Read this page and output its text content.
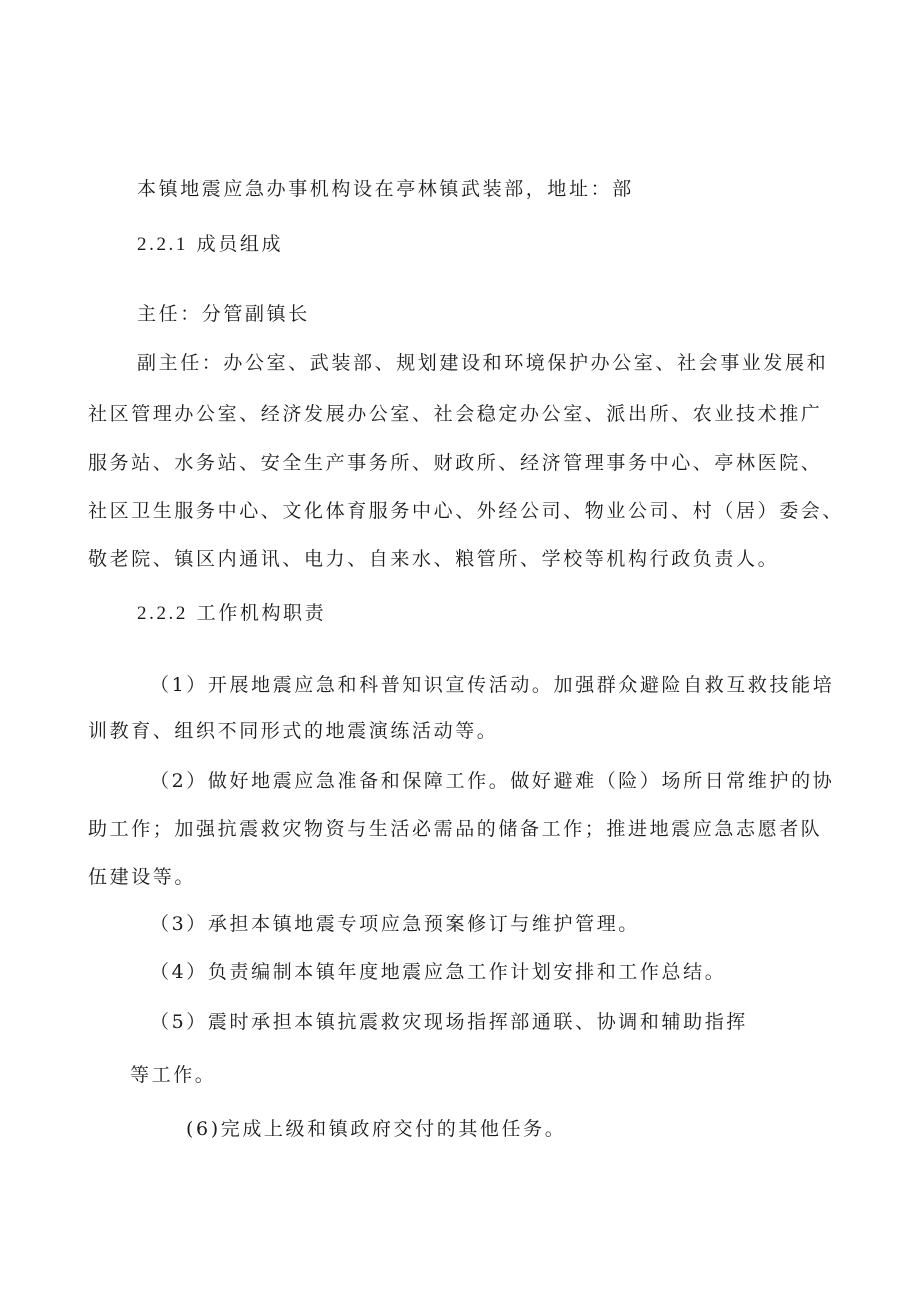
本镇地震应急办事机构设在亭林镇武装部，地址：部

2.2.1 成员组成

主任：分管副镇长

副主任：办公室、武装部、规划建设和环境保护办公室、社会事业发展和

社区管理办公室、经济发展办公室、社会稳定办公室、派出所、农业技术推广

服务站、水务站、安全生产事务所、财政所、经济管理事务中心、亭林医院、

社区卫生服务中心、文化体育服务中心、外经公司、物业公司、村（居）委会、

敬老院、镇区内通讯、电力、自来水、粮管所、学校等机构行政负责人。

2.2.2 工作机构职责

（1）开展地震应急和科普知识宣传活动。加强群众避险自救互救技能培

训教育、组织不同形式的地震演练活动等。

（2）做好地震应急准备和保障工作。做好避难（险）场所日常维护的协

助工作；加强抗震救灾物资与生活必需品的储备工作；推进地震应急志愿者队

伍建设等。

（3）承担本镇地震专项应急预案修订与维护管理。

（4）负责编制本镇年度地震应急工作计划安排和工作总结。

（5）震时承担本镇抗震救灾现场指挥部通联、协调和辅助指挥

等工作。

(6)完成上级和镇政府交付的其他任务。
